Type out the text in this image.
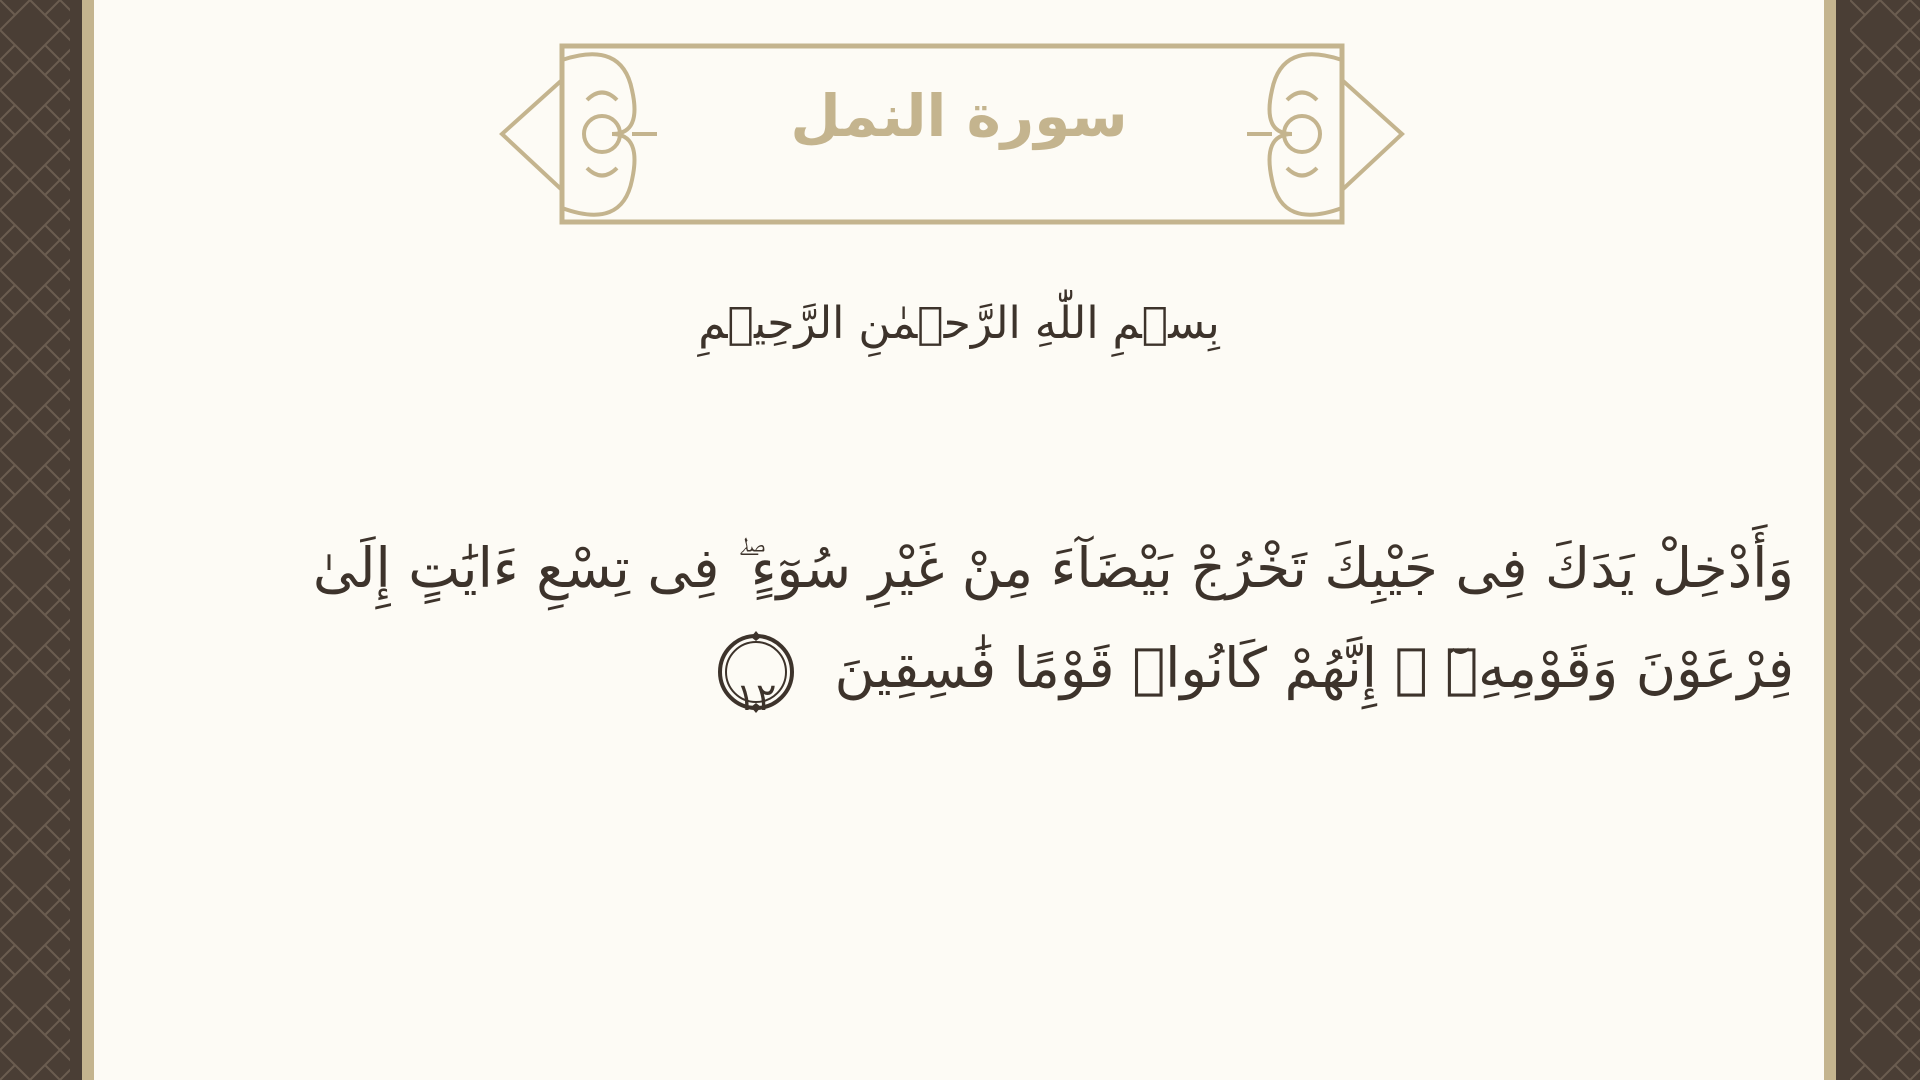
سورة النمل
بِسۡمِ اللّٰهِ الرَّحۡمٰنِ الرَّحِيۡمِ
وَأَدْخِلْ يَدَكَ فِى جَيْبِكَ تَخْرُجْ بَيْضَآءَ مِنْ غَيْرِ سُوٓءٍ ۖ فِى تِسْعِ ءَايَٰتٍ إِلَىٰ
فِرْعَوْنَ وَقَوْمِهِۦٓ ۚ إِنَّهُمْ كَانُوا۟ قَوْمًا فَٰسِقِينَ
١٢
